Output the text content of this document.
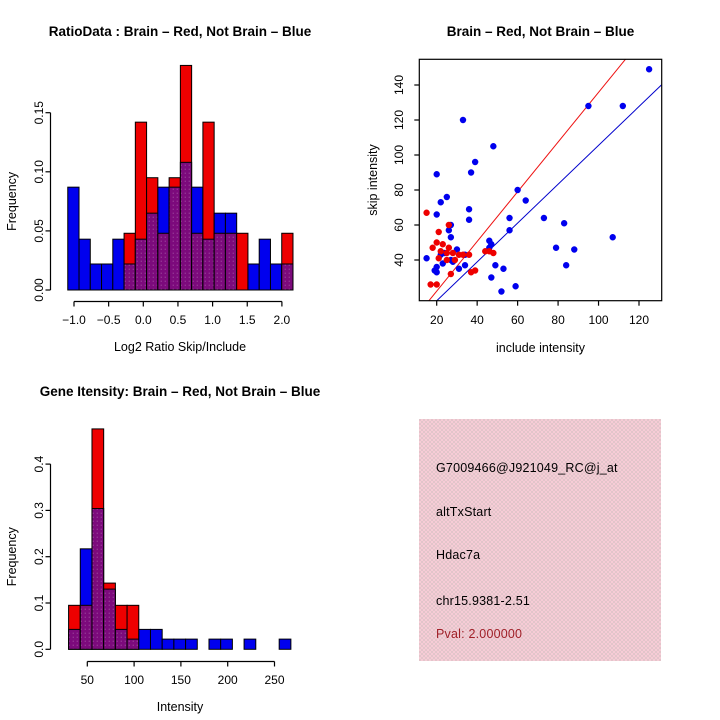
RatioData : Brain – Red, Not Brain – Blue
−1.0 −0.5 0.0 0.5 1.0 1.5 2.0
0.00
0.05
0.10
0.15
Log2 Ratio Skip/Include
Frequency
Brain – Red, Not Brain – Blue
20 40 60 80 100 120
40
60
80
100
120
140
include intensity
skip intensity
Gene Itensity: Brain – Red, Not Brain – Blue
50	100 150 200 250
0.0
0.1
0.2
0.3
0.4
Intensity
Frequency
G7009466@J921049_RC@j_at
altTxStart
Hdac7a
chr15.9381-2.51
Pval: 2.000000
